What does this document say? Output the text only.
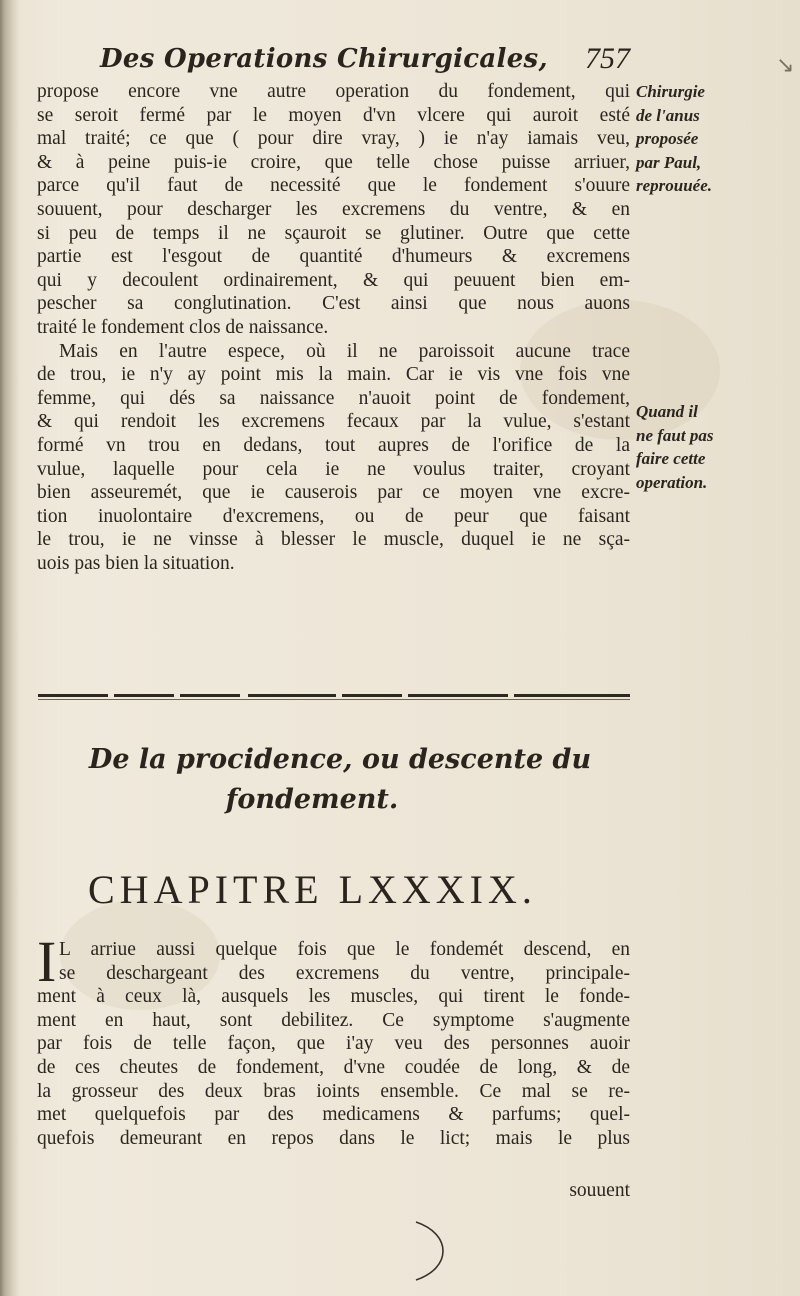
Des Operations Chirurgicales, 757
propose encore vne autre operation du fondement, qui
se seroit fermé par le moyen d'vn vlcere qui auroit esté
mal traité; ce que ( pour dire vray, ) ie n'ay iamais veu,
& à peine puis-ie croire, que telle chose puisse arriuer,
parce qu'il faut de necessité que le fondement s'ouure
souuent, pour descharger les excremens du ventre, & en
si peu de temps il ne sçauroit se glutiner. Outre que cette
partie est l'esgout de quantité d'humeurs & excremens
qui y decoulent ordinairement, & qui peuuent bien em-
pescher sa conglutination. C'est ainsi que nous auons
traité le fondement clos de naissance.
Mais en l'autre espece, où il ne paroissoit aucune trace
de trou, ie n'y ay point mis la main. Car ie vis vne fois vne
femme, qui dés sa naissance n'auoit point de fondement,
& qui rendoit les excremens fecaux par la vulue, s'estant
formé vn trou en dedans, tout aupres de l'orifice de la
vulue, laquelle pour cela ie ne voulus traiter, croyant
bien asseuremét, que ie causerois par ce moyen vne excre-
tion inuolontaire d'excremens, ou de peur que faisant
le trou, ie ne vinsse à blesser le muscle, duquel ie ne sça-
uois pas bien la situation.
Chirurgie
de l'anus
proposée
par Paul,
reprouuée.
Quand il
ne faut pas
faire cette
operation.
De la procidence, ou descente du
fondement.
CHAPITRE LXXXIX.
I L arriue aussi quelque fois que le fondemét descend, en
se deschargeant des excremens du ventre, principale-
ment à ceux là, ausquels les muscles, qui tirent le fonde-
ment en haut, sont debilitez. Ce symptome s'augmente
par fois de telle façon, que i'ay veu des personnes auoir
de ces cheutes de fondement, d'vne coudée de long, & de
la grosseur des deux bras ioints ensemble. Ce mal se re-
met quelquefois par des medicamens & parfums; quel-
quefois demeurant en repos dans le lict; mais le plus
souuent
↘
